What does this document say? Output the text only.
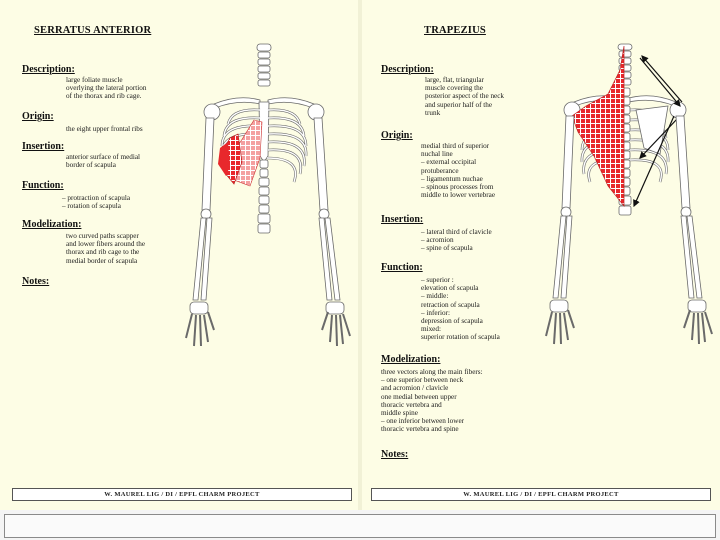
SERRATUS ANTERIOR
Description:
large foliate muscle
overlying the lateral portion
of the thorax and rib cage.
Origin:
the eight upper frontal ribs
Insertion:
anterior surface of medial
border of scapula
Function:
– protraction of scapula
– rotation of scapula
Modelization:
two curved paths scapper
and lower fibers around the
thorax and rib cage to the
medial border of scapula
Notes:
W. MAUREL LIG / DI / EPFL CHARM PROJECT
TRAPEZIUS
Description:
large, flat, triangular
muscle covering the
posterior aspect of the neck
and superior half of the
trunk
Origin:
medial third of superior
nuchal line
– external occipital
protuberance
– ligamentum nuchae
– spinous processes from
middle to lower vertebrae
Insertion:
– lateral third of clavicle
– acromion
– spine of scapula
Function:
– superior :
elevation of scapula
– middle:
retraction of scapula
– inferior:
depression of scapula
mixed:
superior rotation of scapula
Modelization:
three vectors along the main fibers:
– one superior between neck
and acromion / clavicle
one medial between upper
thoracic vertebra and
middle spine
– one inferior between lower
thoracic vertebra and spine
Notes:
W. MAUREL LIG / DI / EPFL CHARM PROJECT
